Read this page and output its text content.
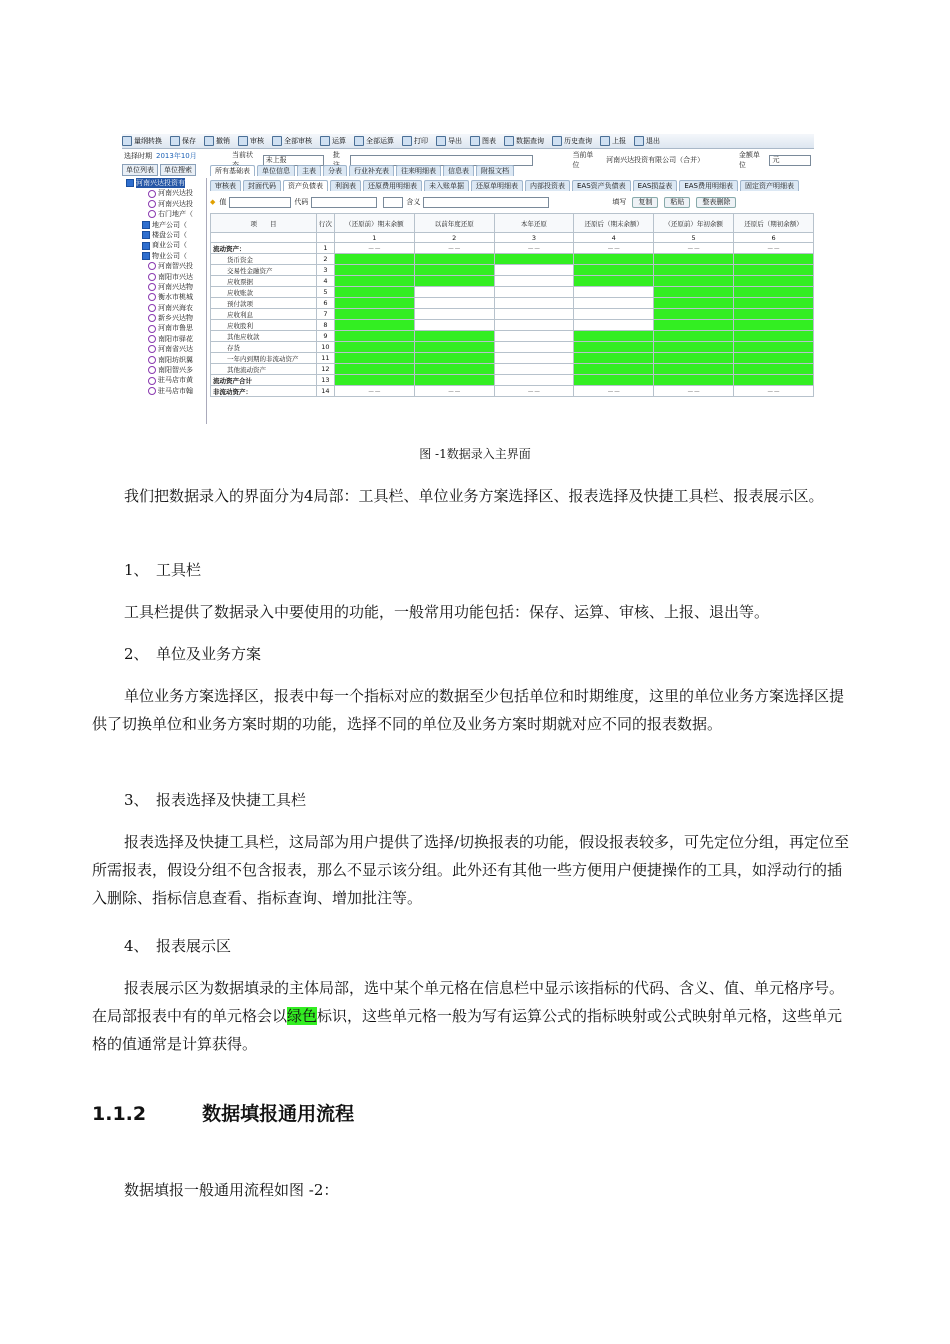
量纲转换	保存	撤销	审核	全部审核	运算	全部运算	打印	导出	图表	数据查询	历史查询	上报	退出
选择时期 2013年10月	当前状
未上报
批	当前单位
河南兴达投资有限公司（合并）
金额单位
元
单位列表	单位搜索
河南兴达投资有
河南兴达投
河南兴达投
右门地产（
地产公司（
楼盘公司（
商业公司（
物业公司（
河南智兴投
南阳市兴达
河南兴达物
衡水市桃城
河南兴海农
新乡兴达物
河南市鲁思
南阳市驿花
河南省兴达
南阳坊织翼
南阳智兴多
驻马店市黄
驻马店市翰
所有基础表	单位信息	主表	分表	行业补充表	往来明细表	信息表	附报文档
审核表	封面代码	资产负债表	利润表	还原费用明细表	未入账单据	还原单明细表	内部投资表	EAS资产负债表	EAS损益表	EAS费用明细表	固定资产明细表
◆ 值	代码	含义	填写	复制	粘贴	整表删除
项　　目	行次	（还原前）期末余额	以前年度还原	本年还原	还原后（期末余额）	（还原前）年初余额	还原后（期初余额）
		1	2	3	4	5	6
流动资产：	1	－－	－－	－－	－－	－－	－－
货币资金	2						
交易性金融资产	3						
应收票据	4						
应收账款	5						
预付款项	6						
应收利息	7						
应收股利	8						
其他应收款	9						
存货	10						
一年内到期的非流动资产	11						
其他流动资产	12						
流动资产合计	13						
非流动资产：	14	－－	－－	－－	－－	－－	－－
图 -1数据录入主界面
我们把数据录入的界面分为4局部：工具栏、单位业务方案选择区、报表选择及快捷工具栏、报表展示区。
1、　工具栏
工具栏提供了数据录入中要使用的功能，一般常用功能包括：保存、运算、审核、上报、退出等。
2、　单位及业务方案
单位业务方案选择区，报表中每一个指标对应的数据至少包括单位和时期维度，这里的单位业务方案选择区提供了切换单位和业务方案时期的功能，选择不同的单位及业务方案时期就对应不同的报表数据。
3、　报表选择及快捷工具栏
报表选择及快捷工具栏，这局部为用户提供了选择/切换报表的功能，假设报表较多，可先定位分组，再定位至所需报表，假设分组不包含报表，那么不显示该分组。此外还有其他一些方便用户便捷操作的工具，如浮动行的插入删除、指标信息查看、指标查询、增加批注等。
4、　报表展示区
报表展示区为数据填录的主体局部，选中某个单元格在信息栏中显示该指标的代码、含义、值、单元格序号。在局部报表中有的单元格会以绿色标识，这些单元格一般为写有运算公式的指标映射或公式映射单元格，这些单元格的值通常是计算获得。
1.1.2	数据填报通用流程
数据填报一般通用流程如图 -2：
